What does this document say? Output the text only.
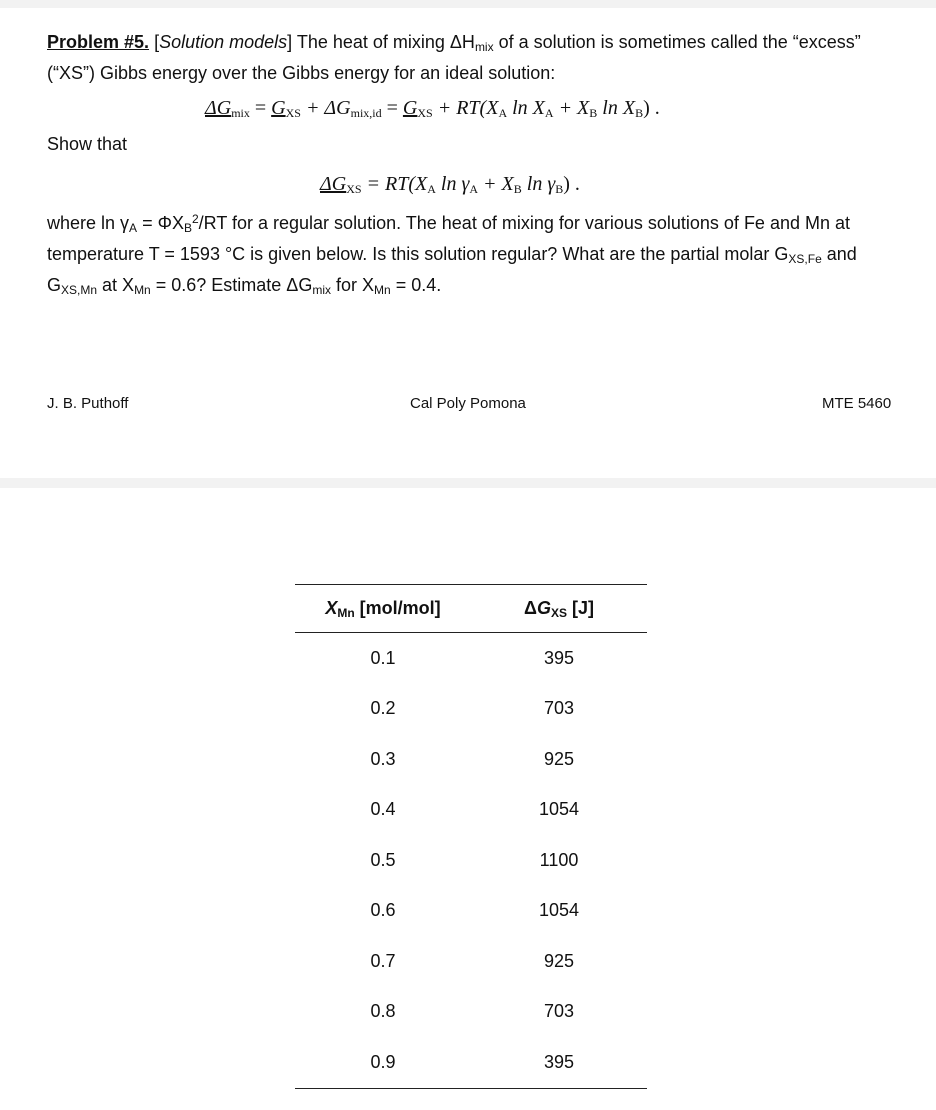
Problem #5. [Solution models] The heat of mixing $\Delta H_{mix}$ of a solution is sometimes called the “excess” (“XS”) Gibbs energy over the Gibbs energy for an ideal solution:

$\Delta G_{mix} = G_{XS} + \Delta G_{mix,id} = G_{XS} + RT(X_A$ $\ln X_A + X_B$ $\ln X_B$) .

Show that

$\Delta G_{XS} = RT(X_A$ $\ln \gamma_A + X_B$ $\ln \gamma_B$) .

where $\ln \gamma_A = \Phi X_B^2/RT$ for a regular solution. The heat of mixing for various solutions of Fe and Mn at temperature T = 1593 °C is given below. Is this solution regular? What are the partial molar $G_{XS,Fe}$ and $G_{XS,Mn}$ at $X_{Mn} = 0.6$? Estimate $\Delta G_{mix}$ for $X_{Mn} = 0.4$.

J. B. Puthoff	Cal Poly Pomona	MTE 5460
$X_{Mn}$ [mol/mol]	$\Delta G_{XS}$ [J]
0.1	395
0.2	703
0.3	925
0.4	1054
0.5	1100
0.6	1054
0.7	925
0.8	703
0.9	395
